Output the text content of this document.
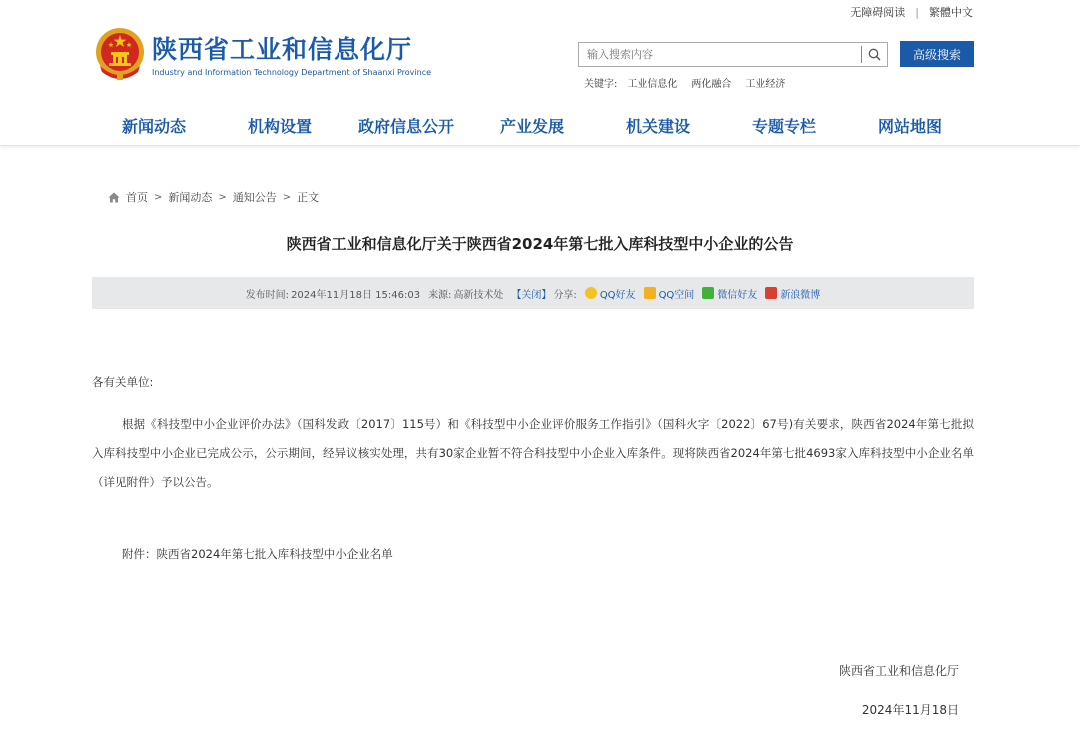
无障碍阅读 | 繁體中文
陕西省工业和信息化厅
Industry and Information Technology Department of Shaanxi Province
输入搜索内容
高级搜索
关键字: 工业信息化 两化融合 工业经济
新闻动态	机构设置	政府信息公开	产业发展	机关建设	专题专栏	网站地图
首页 > 新闻动态 > 通知公告 > 正文
陕西省工业和信息化厅关于陕西省2024年第七批入库科技型中小企业的公告
发布时间: 2024年11月18日 15:46:03 来源: 高新技术处 【关闭】 分享: QQ好友 QQ空间 微信好友 新浪微博
各有关单位:
根据《科技型中小企业评价办法》（国科发政〔2017〕115号）和《科技型中小企业评价服务工作指引》（国科火字〔2022〕67号)有关要求，陕西省2024年第七批拟入库科技型中小企业已完成公示，公示期间，经异议核实处理，共有30家企业暂不符合科技型中小企业入库条件。现将陕西省2024年第七批4693家入库科技型中小企业名单（详见附件）予以公告。
附件：陕西省2024年第七批入库科技型中小企业名单
陕西省工业和信息化厅
2024年11月18日
